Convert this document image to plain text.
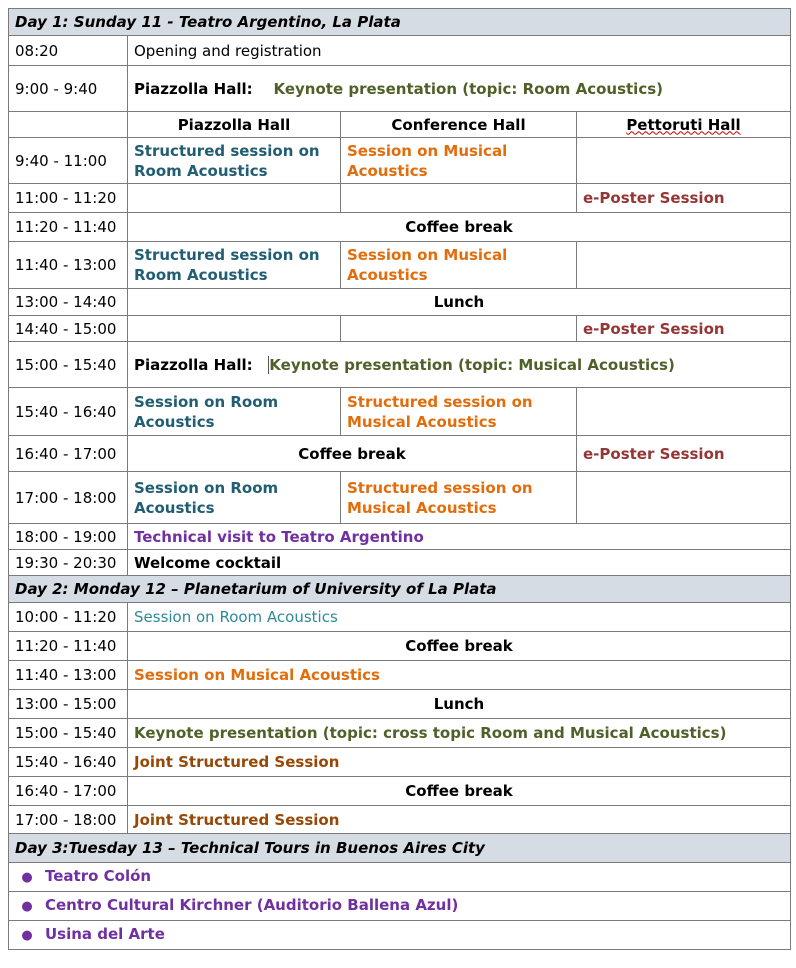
Day 1: Sunday 11 - Teatro Argentino, La Plata			
08:20	Opening and registration		
9:00 - 9:40	Piazzolla Hall: Keynote presentation (topic: Room Acoustics)		
	Piazzolla Hall	Conference Hall	Pettoruti Hall
9:40 - 11:00	Structured session on Room Acoustics	Session on Musical Acoustics	
11:00 - 11:20			e-Poster Session
11:20 - 11:40	Coffee break		
11:40 - 13:00	Structured session on Room Acoustics	Session on Musical Acoustics	
13:00 - 14:40	Lunch		
14:40 - 15:00			e-Poster Session
15:00 - 15:40	Piazzolla Hall: Keynote presentation (topic: Musical Acoustics)		
15:40 - 16:40	Session on Room Acoustics	Structured session on Musical Acoustics	
16:40 - 17:00	Coffee break		e-Poster Session
17:00 - 18:00	Session on Room Acoustics	Structured session on Musical Acoustics	
18:00 - 19:00	Technical visit to Teatro Argentino		
19:30 - 20:30	Welcome cocktail		
Day 2: Monday 12 – Planetarium of University of La Plata			
10:00 - 11:20	Session on Room Acoustics		
11:20 - 11:40	Coffee break		
11:40 - 13:00	Session on Musical Acoustics		
13:00 - 15:00	Lunch		
15:00 - 15:40	Keynote presentation (topic: cross topic Room and Musical Acoustics)		
15:40 - 16:40	Joint Structured Session		
16:40 - 17:00	Coffee break		
17:00 - 18:00	Joint Structured Session		
Day 3:Tuesday 13 – Technical Tours in Buenos Aires City			
● Teatro Colón			
● Centro Cultural Kirchner (Auditorio Ballena Azul)			
● Usina del Arte			
